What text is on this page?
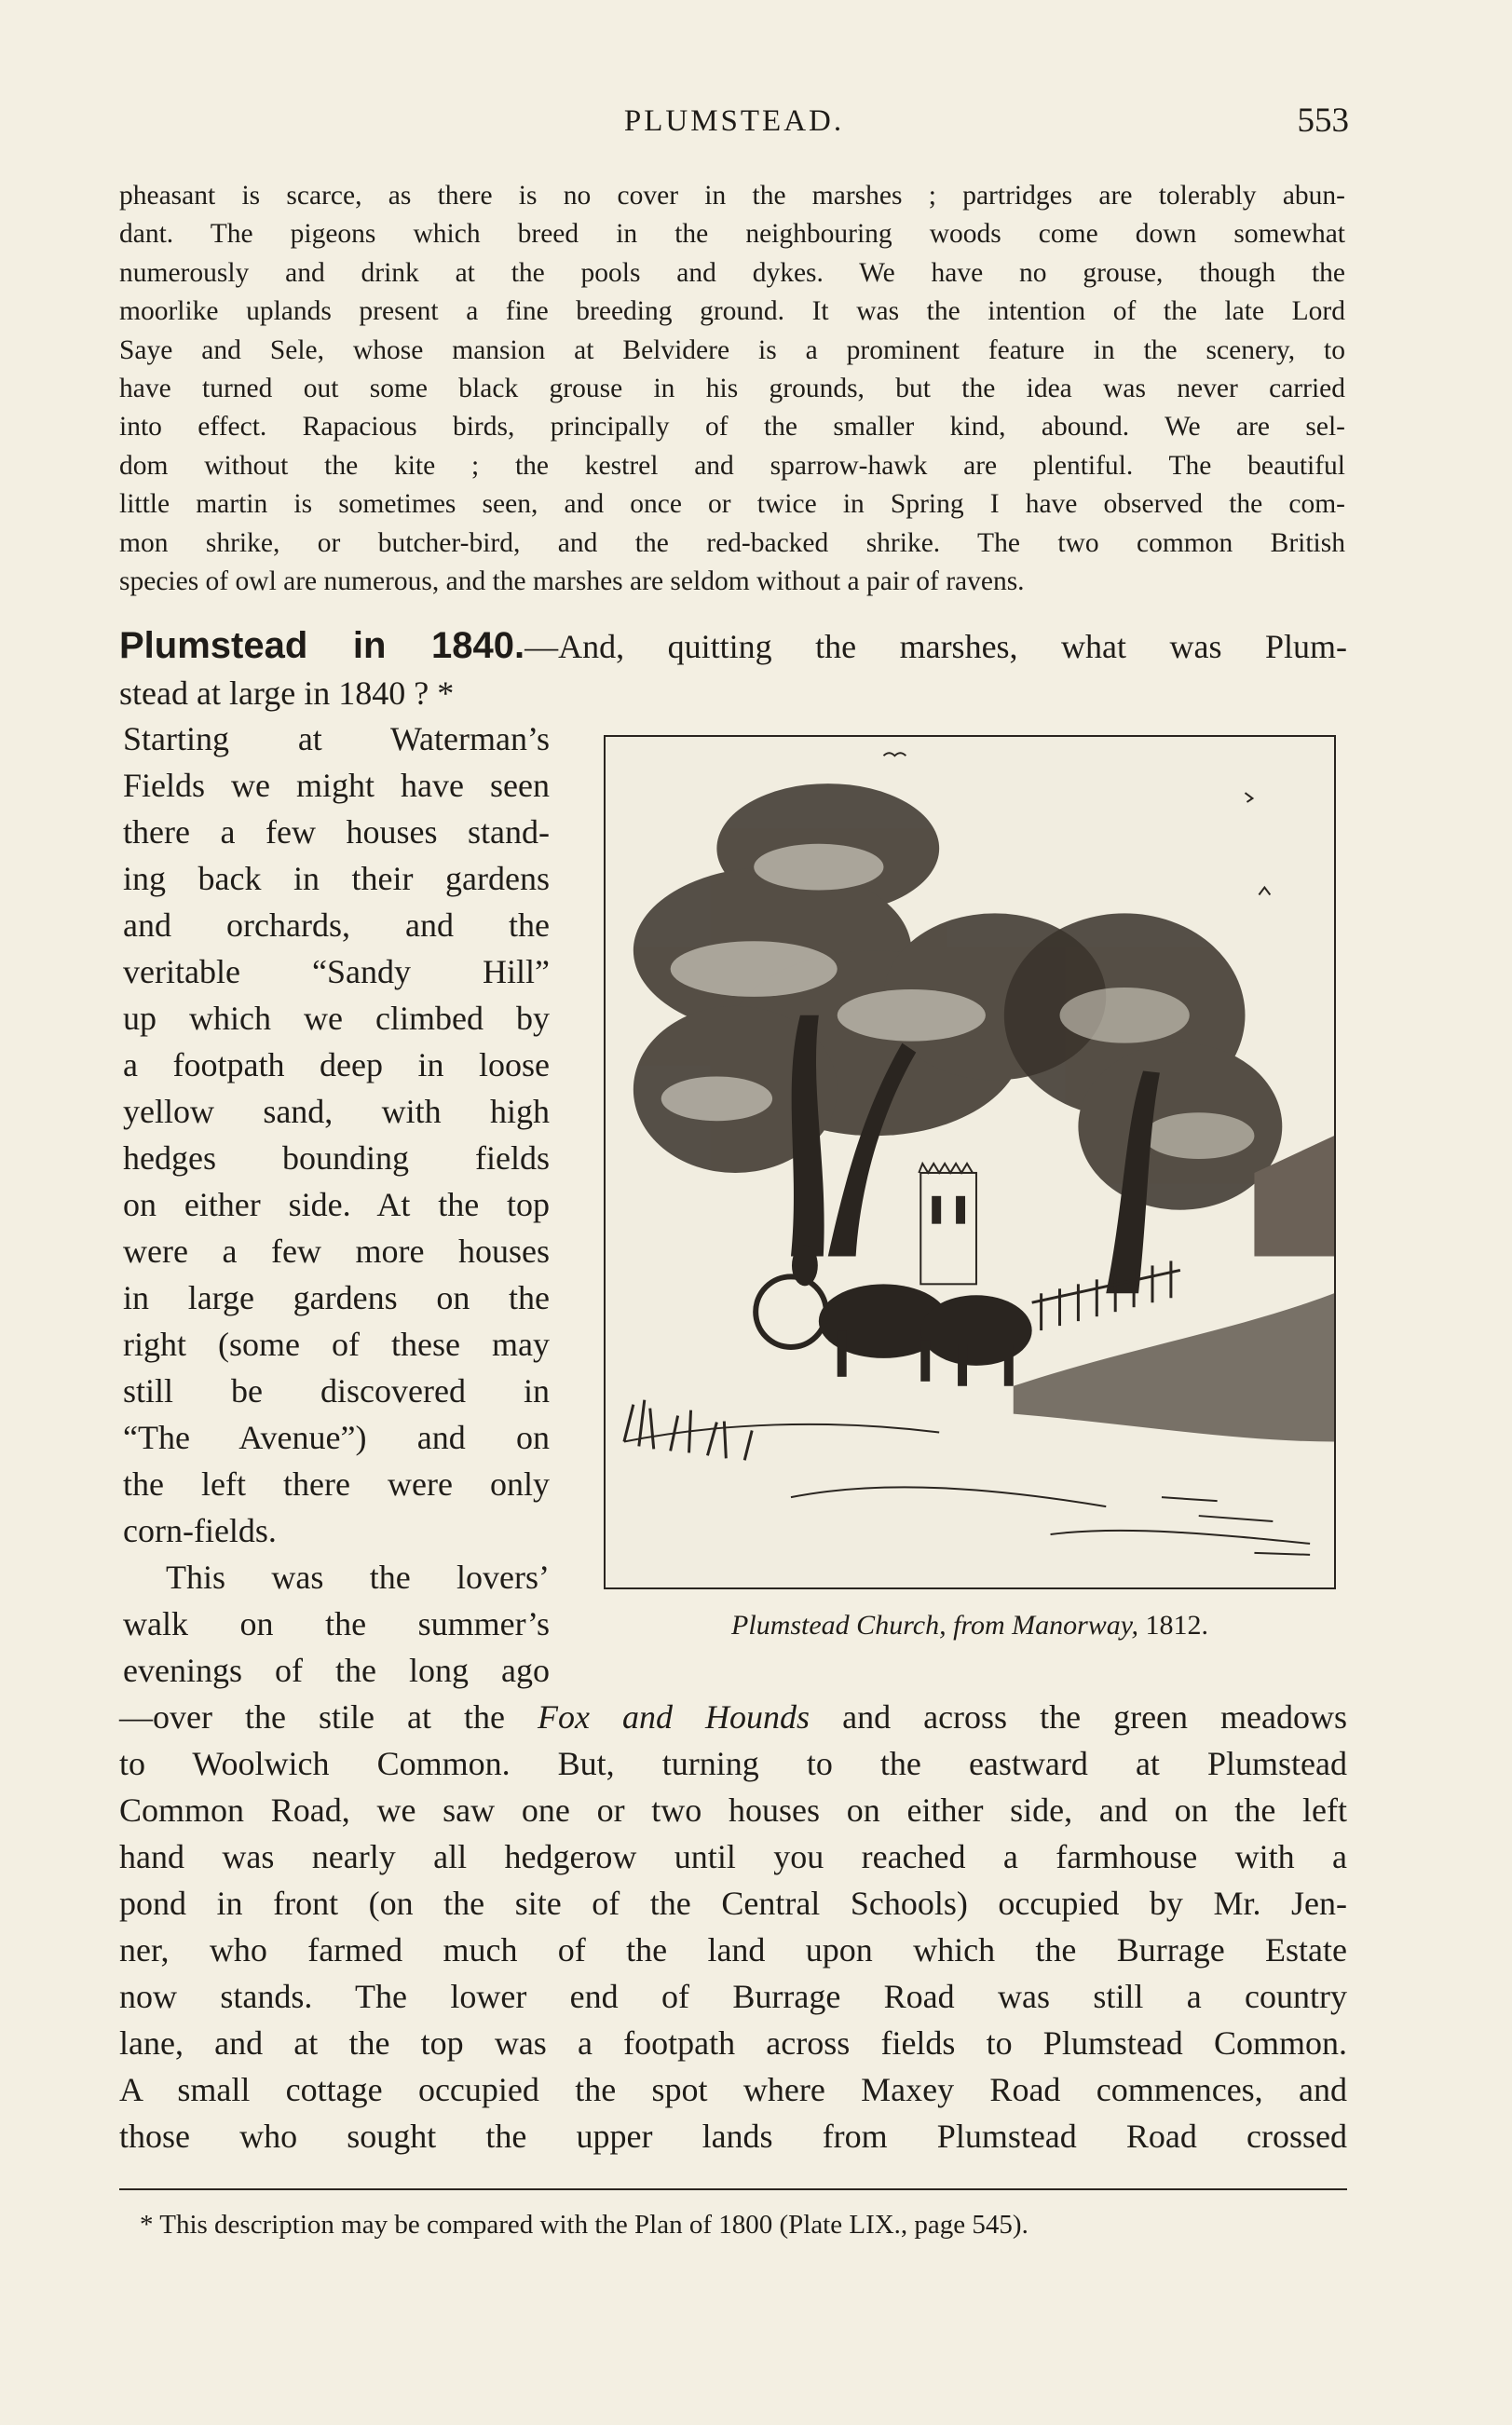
PLUMSTEAD.	553
pheasant is scarce, as there is no cover in the marshes ; partridges are tolerably abun-
dant. The pigeons which breed in the neighbouring woods come down somewhat
numerously and drink at the pools and dykes. We have no grouse, though the
moorlike uplands present a fine breeding ground. It was the intention of the late Lord
Saye and Sele, whose mansion at Belvidere is a prominent feature in the scenery, to
have turned out some black grouse in his grounds, but the idea was never carried
into effect. Rapacious birds, principally of the smaller kind, abound. We are sel-
dom without the kite ; the kestrel and sparrow-hawk are plentiful. The beautiful
little martin is sometimes seen, and once or twice in Spring I have observed the com-
mon shrike, or butcher-bird, and the red-backed shrike. The two common British
species of owl are numerous, and the marshes are seldom without a pair of ravens.
Plumstead in 1840.—And, quitting the marshes, what was Plum-
stead at large in 1840 ? *
Starting at Waterman’s
Fields we might have seen
there a few houses stand-
ing back in their gardens
and orchards, and the
veritable “Sandy Hill”
up which we climbed by
a footpath deep in loose
yellow sand, with high
hedges bounding fields
on either side. At the top
were a few more houses
in large gardens on the
right (some of these may
still be discovered in
“The Avenue”) and on
the left there were only
corn-fields.
This was the lovers’
walk on the summer’s
evenings of the long ago
Plumstead Church, from Manorway, 1812.
—over the stile at the Fox and Hounds and across the green meadows
to Woolwich Common. But, turning to the eastward at Plumstead
Common Road, we saw one or two houses on either side, and on the left
hand was nearly all hedgerow until you reached a farmhouse with a
pond in front (on the site of the Central Schools) occupied by Mr. Jen-
ner, who farmed much of the land upon which the Burrage Estate
now stands. The lower end of Burrage Road was still a country
lane, and at the top was a footpath across fields to Plumstead Common.
A small cottage occupied the spot where Maxey Road commences, and
those who sought the upper lands from Plumstead Road crossed
* This description may be compared with the Plan of 1800 (Plate LIX., page 545).
